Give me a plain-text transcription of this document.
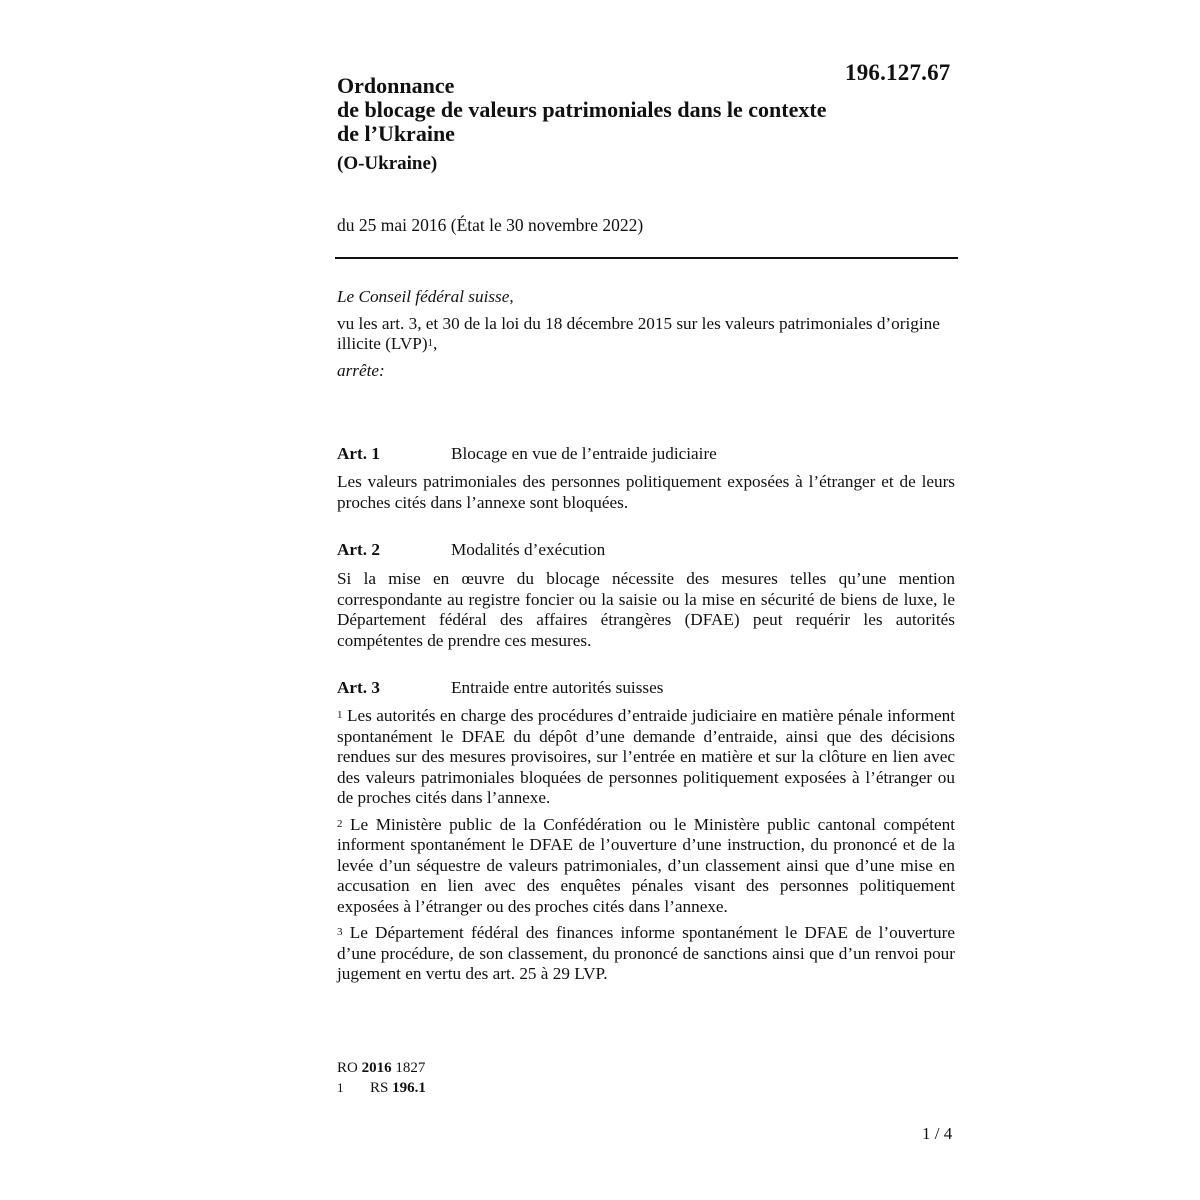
196.127.67
Ordonnance
de blocage de valeurs patrimoniales dans le contexte
de l’Ukraine
(O-Ukraine)
du 25 mai 2016 (État le 30 novembre 2022)

Le Conseil fédéral suisse,

vu les art. 3, et 30 de la loi du 18 décembre 2015 sur les valeurs patrimoniales d’origine illicite (LVP)$^1$,

arrête:

Art. 1	Blocage en vue de l’entraide judiciaire

Les valeurs patrimoniales des personnes politiquement exposées à l’étranger et de leurs proches cités dans l’annexe sont bloquées.

Art. 2	Modalités d’exécution

Si la mise en œuvre du blocage nécessite des mesures telles qu’une mention correspondante au registre foncier ou la saisie ou la mise en sécurité de biens de luxe, le Département fédéral des affaires étrangères (DFAE) peut requérir les autorités compétentes de prendre ces mesures.

Art. 3	Entraide entre autorités suisses

$^1$ Les autorités en charge des procédures d’entraide judiciaire en matière pénale informent spontanément le DFAE du dépôt d’une demande d’entraide, ainsi que des décisions rendues sur des mesures provisoires, sur l’entrée en matière et sur la clôture en lien avec des valeurs patrimoniales bloquées de personnes politiquement exposées à l’étranger ou de proches cités dans l’annexe.

$^2$ Le Ministère public de la Confédération ou le Ministère public cantonal compétent informent spontanément le DFAE de l’ouverture d’une instruction, du prononcé et de la levée d’un séquestre de valeurs patrimoniales, d’un classement ainsi que d’une mise en accusation en lien avec des enquêtes pénales visant des personnes politiquement exposées à l’étranger ou des proches cités dans l’annexe.

$^3$ Le Département fédéral des finances informe spontanément le DFAE de l’ouverture d’une procédure, de son classement, du prononcé de sanctions ainsi que d’un renvoi pour jugement en vertu des art. 25 à 29 LVP.

RO 2016 1827
1 RS 196.1
1 / 4
